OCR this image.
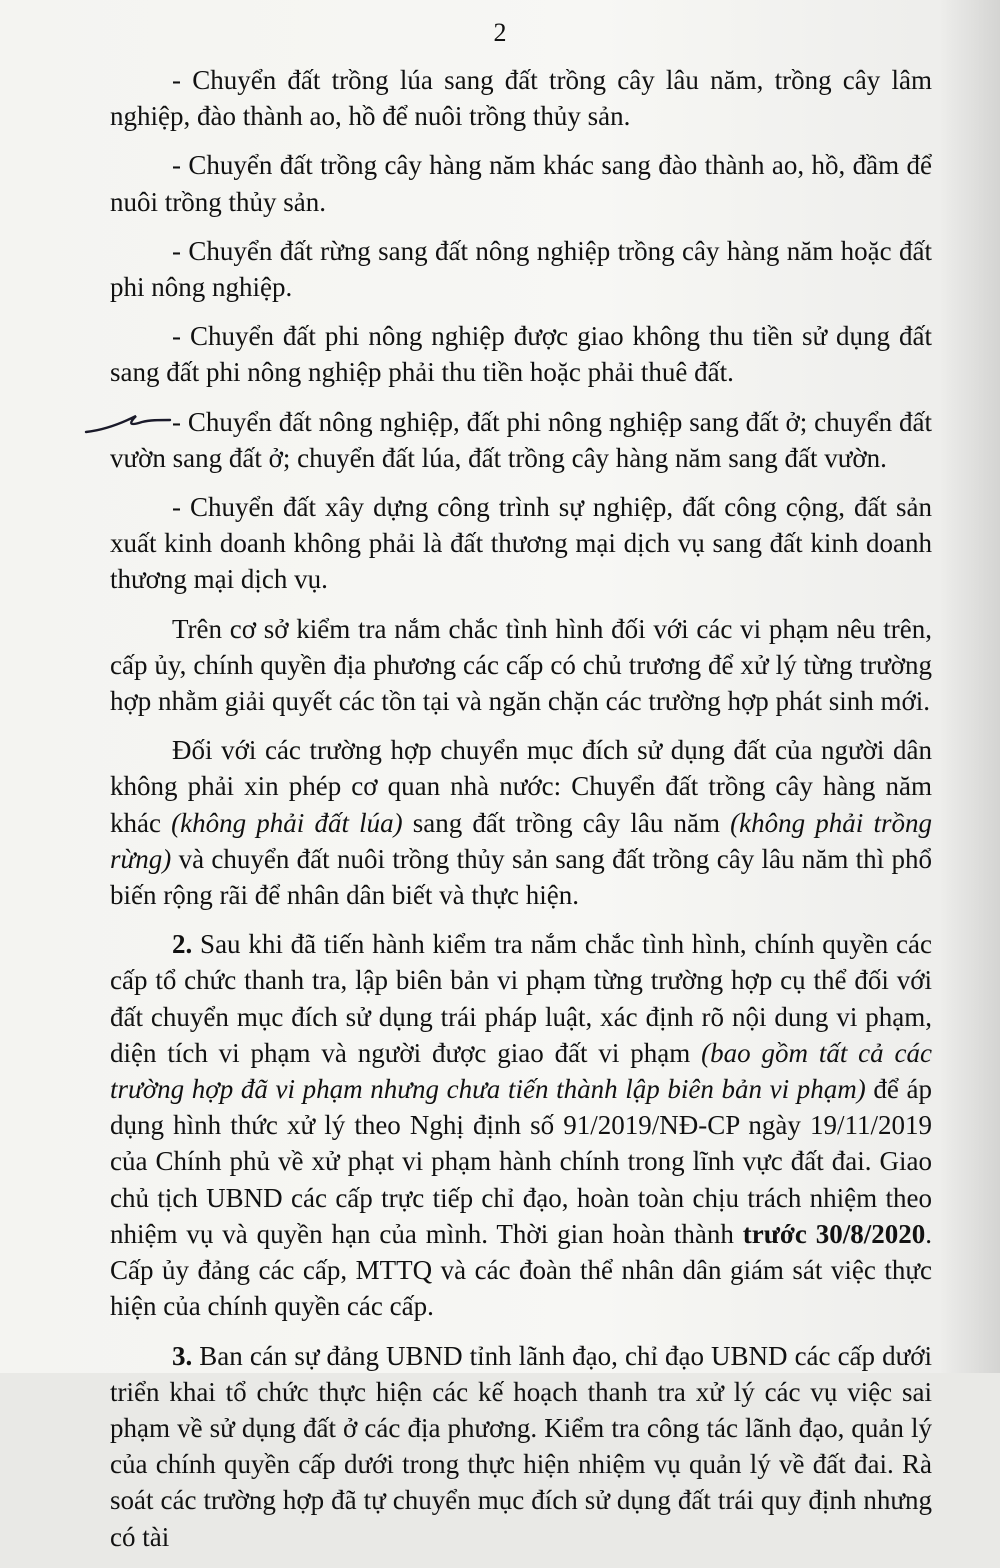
2

- Chuyển đất trồng lúa sang đất trồng cây lâu năm, trồng cây lâm nghiệp, đào thành ao, hồ để nuôi trồng thủy sản.

- Chuyển đất trồng cây hàng năm khác sang đào thành ao, hồ, đầm để nuôi trồng thủy sản.

- Chuyển đất rừng sang đất nông nghiệp trồng cây hàng năm hoặc đất phi nông nghiệp.

- Chuyển đất phi nông nghiệp được giao không thu tiền sử dụng đất sang đất phi nông nghiệp phải thu tiền hoặc phải thuê đất.

- Chuyển đất nông nghiệp, đất phi nông nghiệp sang đất ở; chuyển đất vườn sang đất ở; chuyển đất lúa, đất trồng cây hàng năm sang đất vườn.

- Chuyển đất xây dựng công trình sự nghiệp, đất công cộng, đất sản xuất kinh doanh không phải là đất thương mại dịch vụ sang đất kinh doanh thương mại dịch vụ.

Trên cơ sở kiểm tra nắm chắc tình hình đối với các vi phạm nêu trên, cấp ủy, chính quyền địa phương các cấp có chủ trương để xử lý từng trường hợp nhằm giải quyết các tồn tại và ngăn chặn các trường hợp phát sinh mới.

Đối với các trường hợp chuyển mục đích sử dụng đất của người dân không phải xin phép cơ quan nhà nước: Chuyển đất trồng cây hàng năm khác (không phải đất lúa) sang đất trồng cây lâu năm (không phải trồng rừng) và chuyển đất nuôi trồng thủy sản sang đất trồng cây lâu năm thì phổ biến rộng rãi để nhân dân biết và thực hiện.

2. Sau khi đã tiến hành kiểm tra nắm chắc tình hình, chính quyền các cấp tổ chức thanh tra, lập biên bản vi phạm từng trường hợp cụ thể đối với đất chuyển mục đích sử dụng trái pháp luật, xác định rõ nội dung vi phạm, diện tích vi phạm và người được giao đất vi phạm (bao gồm tất cả các trường hợp đã vi phạm nhưng chưa tiến thành lập biên bản vi phạm) để áp dụng hình thức xử lý theo Nghị định số 91/2019/NĐ-CP ngày 19/11/2019 của Chính phủ về xử phạt vi phạm hành chính trong lĩnh vực đất đai. Giao chủ tịch UBND các cấp trực tiếp chỉ đạo, hoàn toàn chịu trách nhiệm theo nhiệm vụ và quyền hạn của mình. Thời gian hoàn thành trước 30/8/2020. Cấp ủy đảng các cấp, MTTQ và các đoàn thể nhân dân giám sát việc thực hiện của chính quyền các cấp.

3. Ban cán sự đảng UBND tỉnh lãnh đạo, chỉ đạo UBND các cấp dưới triển khai tổ chức thực hiện các kế hoạch thanh tra xử lý các vụ việc sai phạm về sử dụng đất ở các địa phương. Kiểm tra công tác lãnh đạo, quản lý của chính quyền cấp dưới trong thực hiện nhiệm vụ quản lý về đất đai. Rà soát các trường hợp đã tự chuyển mục đích sử dụng đất trái quy định nhưng có tài
